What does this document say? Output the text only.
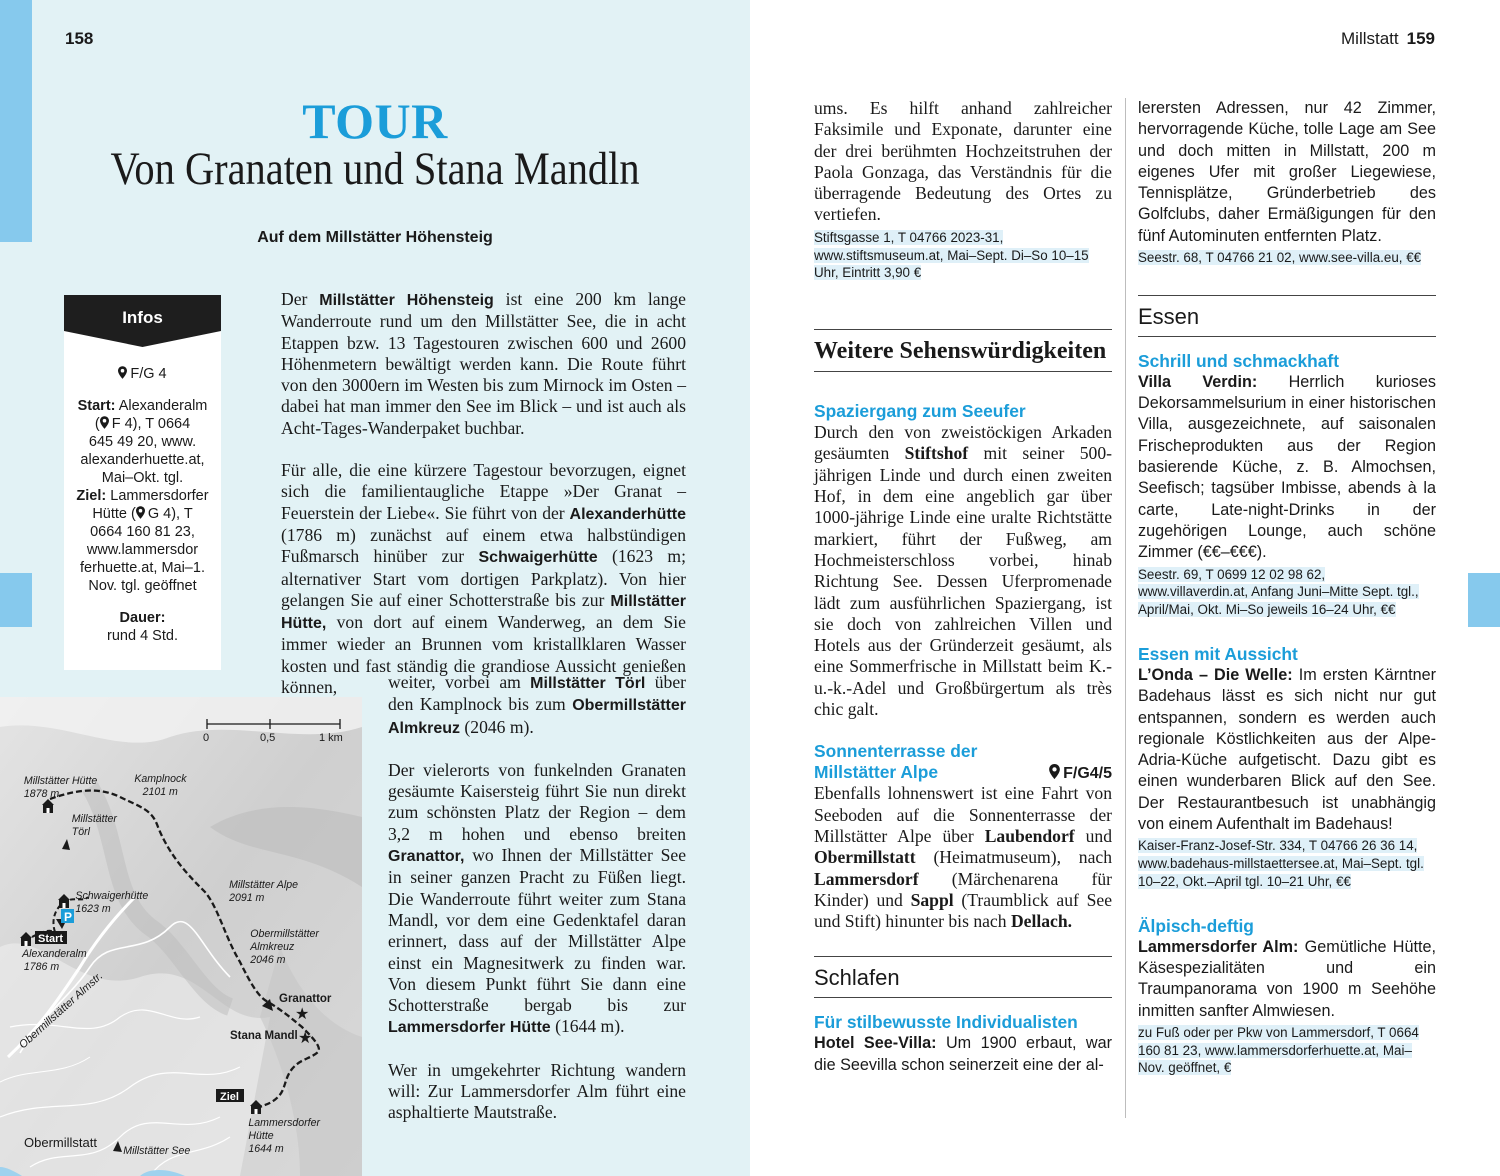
158
TOUR
Von Granaten und Stana Mandln
Auf dem Millstätter Höhensteig
Infos
F/G 4
Start: Alexanderalm
( F 4), T 0664
645 49 20, www.
alexanderhuette.at,
Mai–Okt. tgl.
Ziel: Lammersdorfer
Hütte ( G 4), T
0664 160 81 23,
www.lammersdor
ferhuette.at, Mai–1.
Nov. tgl. geöffnet
Dauer:
rund 4 Std.

Der Millstätter Höhensteig ist eine 200 km lange Wanderroute rund um den Millstätter See, die in acht Etappen bzw. 13 Tagestouren zwischen 600 und 2600 Höhenmetern bewältigt werden kann. Die Route führt von den 3000ern im Westen bis zum Mirnock im Osten – dabei hat man immer den See im Blick – und ist auch als Acht-Tages-Wanderpaket buchbar.

Für alle, die eine kürzere Tagestour bevorzugen, eignet sich die familientaugliche Etappe »Der Granat – Feuerstein der Liebe«. Sie führt von der Alexanderhütte (1786 m) zunächst auf einem etwa halbstündigen Fußmarsch hinüber zur Schwaigerhütte (1623 m; alternativer Start vom dortigen Parkplatz). Von hier gelangen Sie auf einer Schotterstraße bis zur Millstätter Hütte, von dort auf einem Wanderweg, an dem Sie immer wieder an Brunnen vom kristallklaren Wasser kosten und fast ständig die grandiose Aussicht genießen können,	weiter, vorbei am Millstätter Törl über den Kamplnock bis zum Obermillstätter Almkreuz (2046 m).

Der vielerorts von funkelnden Granaten gesäumte Kaisersteig führt Sie nun direkt zum schönsten Platz der Region – dem 3,2 m hohen und ebenso breiten Granattor, wo Ihnen der Millstätter See in seiner ganzen Pracht zu Füßen liegt. Die Wanderroute führt weiter zum Stana Mandl, vor dem eine Gedenktafel daran erinnert, dass auf der Millstätter Alpe einst ein Magnesitwerk zu finden war. Von diesem Punkt führt Sie dann eine Schotterstraße bergab bis zur Lammersdorfer Hütte (1644 m).

Wer in umgekehrter Richtung wandern will: Zur Lammersdorfer Alm führt eine asphaltierte Mautstraße.

0	0,5	1 km
P
★
★
Start
Ziel
Millstätter Hütte
1878 m
Kamplnock
2101 m
Millstätter
Törl
Schwaigerhütte
1623 m
Millstätter Alpe
2091 m
Alexanderalm
1786 m
Obermillstätter
Almkreuz
2046 m
Lammersdorfer
Hütte
1644 m
Millstätter See
Obermillstätter Almstr.	Granattor
Stana Mandl
Obermillstatt
Millstatt 159

ums. Es hilft anhand zahlreicher Faksimile und Exponate, darunter eine der drei berühmten Hochzeitstruhen der Paola Gonzaga, das Verständnis für die überragende Bedeutung des Ortes zu vertiefen.

Stiftsgasse 1, T 04766 2023-31, www.stiftsmuseum.at, Mai–Sept. Di–So 10–15 Uhr, Eintritt 3,90 €

Weitere Sehenswürdigkeiten
Spaziergang zum Seeufer

Durch den von zweistöckigen Arkaden gesäumten Stiftshof mit seiner 500-jährigen Linde und durch einen zweiten Hof, in dem eine angeblich gar über 1000-jährige Linde eine uralte Richtstätte markiert, führt der Fußweg, am Hochmeisterschloss vorbei, hinab Richtung See. Dessen Uferpromenade lädt zum ausführlichen Spaziergang, ist sie doch von zahlreichen Villen und Hotels aus der Gründerzeit gesäumt, als eine Sommerfrische in Millstatt beim K.-u.-k.-Adel und Großbürgertum als très chic galt.

Sonnenterrasse der
Millstätter Alpe	F/G4/5

Ebenfalls lohnenswert ist eine Fahrt von Seeboden auf die Sonnenterrasse der Millstätter Alpe über Laubendorf und Obermillstatt (Heimatmuseum), nach Lammersdorf (Märchenarena für Kinder) und Sappl (Traumblick auf See und Stift) hinunter bis nach Dellach.

Schlafen
Für stilbewusste Individualisten

Hotel See-Villa: Um 1900 erbaut, war die Seevilla schon seinerzeit eine der al-

lerersten Adressen, nur 42 Zimmer, hervorragende Küche, tolle Lage am See und doch mitten in Millstatt, 200 m eigenes Ufer mit großer Liegewiese, Tennisplätze, Gründerbetrieb des Golfclubs, daher Ermäßigungen für den fünf Autominuten entfernten Platz.

Seestr. 68, T 04766 21 02, www.see-villa.eu, €€

Essen
Schrill und schmackhaft

Villa Verdin: Herrlich kurioses Dekorsammelsurium in einer historischen Villa, ausgezeichnete, auf saisonalen Frischeprodukten aus der Region basierende Küche, z. B. Almochsen, Seefisch; tagsüber Imbisse, abends à la carte, Late-night-Drinks in der zugehörigen Lounge, auch schöne Zimmer (€€–€€€).

Seestr. 69, T 0699 12 02 98 62, www.villaverdin.at, Anfang Juni–Mitte Sept. tgl., April/Mai, Okt. Mi–So jeweils 16–24 Uhr, €€

Essen mit Aussicht

L’Onda – Die Welle: Im ersten Kärntner Badehaus lässt es sich nicht nur gut entspannen, sondern es werden auch regionale Köstlichkeiten aus der Alpe-Adria-Küche aufgetischt. Dazu gibt es einen wunderbaren Blick auf den See. Der Restaurantbesuch ist unabhängig von einem Aufenthalt im Badehaus!

Kaiser-Franz-Josef-Str. 334, T 04766 26 36 14, www.badehaus-millstaettersee.at, Mai–Sept. tgl. 10–22, Okt.–April tgl. 10–21 Uhr, €€

Älpisch-deftig

Lammersdorfer Alm: Gemütliche Hütte, Käsespezialitäten und ein Traumpanorama von 1900 m Seehöhe inmitten sanfter Almwiesen.

zu Fuß oder per Pkw von Lammersdorf, T 0664 160 81 23, www.lammersdorferhuette.at, Mai–Nov. geöffnet, €
